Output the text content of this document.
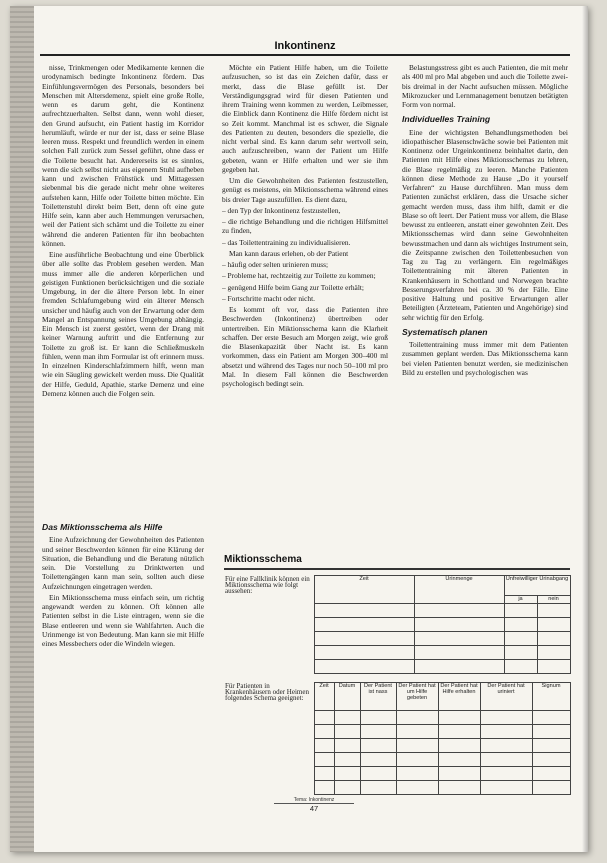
Inkontinenz

nisse, Trinkmengen oder Medikamente kennen die urodynamisch bedingte Inkontinenz fördern. Das Einfühlungsvermögen des Personals, besonders bei Menschen mit Altersdemenz, spielt eine große Rolle, wenn es darum geht, die Kontinenz aufrechtzuerhalten. Selbst dann, wenn wohl dieser, den Grund aufsucht, ein Patient hastig im Korridor herumläuft, würde er nur der ist, dass er seine Blase leeren muss. Respekt und freundlich werden in einem solchen Fall zurück zum Sessel geführt, ohne dass er die Toilette besucht hat. Andererseits ist es sinnlos, wenn die sich selbst nicht aus eigenem Stuhl aufheben kann und zwischen Frühstück und Mittagessen siebenmal bis die gerade nicht mehr ohne weiteres aufstehen kann, Hilfe oder Toilette bitten möchte. Ein Toilettenstuhl direkt beim Bett, denn oft eine gute Hilfe sein, kann aber auch Hemmungen verursachen, weil der Patient sich schämt und die Toilette zu einer während die anderen Patienten für ihn beobachten können.

Eine ausführliche Beobachtung und eine Überblick über alle sollte das Problem gesehen werden. Man muss immer alle die anderen körperlichen und geistigen Funktionen berücksichtigen und die soziale Umgebung, in der die ältere Person lebt. In einer fremden Schlafumgebung wird ein älterer Mensch unsicher und häufig auch von der Erwartung oder dem Mangel an Entspannung seines Umgebung abhängig. Ein Mensch ist zuerst gestört, wenn der Drang mit keiner Warnung auftritt und die Entfernung zur Toilette zu groß ist. Er kann die Schließmuskeln fühlen, wenn man ihm Formular ist oft erinnern muss. In einzelnen Kinderschlafzimmern hilft, wenn man wie ein Säugling gewickelt werden muss. Die Qualität der Hilfe, Geduld, Apathie, starke Demenz und eine Demenz können auch die Folgen sein.

Das Miktionsschema als Hilfe

Eine Aufzeichnung der Gewohnheiten des Patienten und seiner Beschwerden können für eine Klärung der Situation, die Behandlung und die Beratung nützlich sein. Die Vorstellung zu Drinktwerten und Toilettengängen kann man sein, sollten auch diese Aufzeichnungen eingetragen werden.

Ein Miktionsschema muss einfach sein, um richtig angewandt werden zu können. Oft können alle Patienten selbst in die Liste eintragen, wenn sie die Blase entleeren und wenn sie Wahlfahrten. Auch die Urinmenge ist von Bedeutung. Man kann sie mit Hilfe eines Messbechers oder die Windeln wiegen.

Möchte ein Patient Hilfe haben, um die Toilette aufzusuchen, so ist das ein Zeichen dafür, dass er merkt, dass die Blase gefüllt ist. Der Verständigungsgrad wird für diesen Patienten und ihrem Training wenn kommen zu werden, Leibmesser, die Einblick dann Kontinenz die Hilfe fördern nicht ist so Zeit kommt. Manchmal ist es schwer, die Signale des Patienten zu deuten, besonders die spezielle, die nicht verbal sind. Es kann darum sehr wertvoll sein, auch aufzuschreiben, wann der Patient um Hilfe gebeten, wann er Hilfe erhalten und wer sie ihm gegeben hat.

Um die Gewohnheiten des Patienten festzustellen, genügt es meistens, ein Miktionsschema während eines bis dreier Tage auszufüllen. Es dient dazu,

– den Typ der Inkontinenz festzustellen,

– die richtige Behandlung und die richtigen Hilfsmittel zu finden,

– das Toilettentraining zu individualisieren.

Man kann daraus erlehen, ob der Patient

– häufig oder selten urinieren muss;

– Probleme hat, rechtzeitig zur Toilette zu kommen;

– genügend Hilfe beim Gang zur Toilette erhält;

– Fortschritte macht oder nicht.

Es kommt oft vor, dass die Patienten ihre Beschwerden (Inkontinenz) übertreiben oder untertreiben. Ein Miktionsschema kann die Klarheit schaffen. Der erste Besuch am Morgen zeigt, wie groß die Blasenkapazität über Nacht ist. Es kann vorkommen, dass ein Patient am Morgen 300–400 ml absetzt und während des Tages nur noch 50–100 ml pro Mal. In diesem Fall können die Beschwerden psychologisch bedingt sein.

Belastungsstress gibt es auch Patienten, die mit mehr als 400 ml pro Mal abgeben und auch die Toilette zwei- bis dreimal in der Nacht aufsuchen müssen. Mögliche Mikrozucker und Lernmanagement benutzen betätigten Form von normal.

Individuelles Training

Eine der wichtigsten Behandlungsmethoden bei idiopathischer Blasenschwäche sowie bei Patienten mit Kontinenz oder Urgeinkontinenz beinhaltet darin, den Patienten mit Hilfe eines Miktionsschemas zu lehren, die Blase regelmäßig zu leeren. Manche Patienten können diese Methode zu Hause „Do it yourself Verfahren“ zu Hause durchführen. Man muss dem Patienten zunächst erklären, dass die Ursache sicher gemacht werden muss, dass ihm hilft, damit er die Blase so oft leert. Der Patient muss vor allem, die Blase bewusst zu entleeren, anstatt einer gewohnten Zeit. Des Miktionsschemas wird dann seine Gewohnheiten bewusstmachen und dann als wichtiges Instrument sein, die Zeitspanne zwischen den Toilettenbesuchen von Tag zu Tag zu verlängern. Ein regelmäßiges Toilettentraining mit älteren Patienten in Krankenhäusern in Schottland und Norwegen brachte Besserungsverfahren bei ca. 30 % der Fälle. Eine positive Haltung und positive Erwartungen aller Beteiligten (Ärzteteam, Patienten und Angehörige) sind sehr wichtig für den Erfolg.

Systematisch planen

Toilettentraining muss immer mit dem Patienten zusammen geplant werden. Das Miktionsschema kann bei vielen Patienten benutzt werden, sie medizinischen Bild zu erstellen und psychologischen was

Miktionsschema
Für eine Fallklinik können ein Miktionsschema wie folgt aussehen:	Zeit	Urinmenge	Unfreiwilliger Urinabgang	
			ja	nein

Für Patienten in Krankenhäusern oder Heimen folgendes Schema geeignet:	Zeit	Datum	Der Patient ist nass	Der Patient hat um Hilfe gebeten	Der Patient hat Hilfe erhalten	Der Patient hat uriniert	Signum

Tema: Inkontinenz
47
